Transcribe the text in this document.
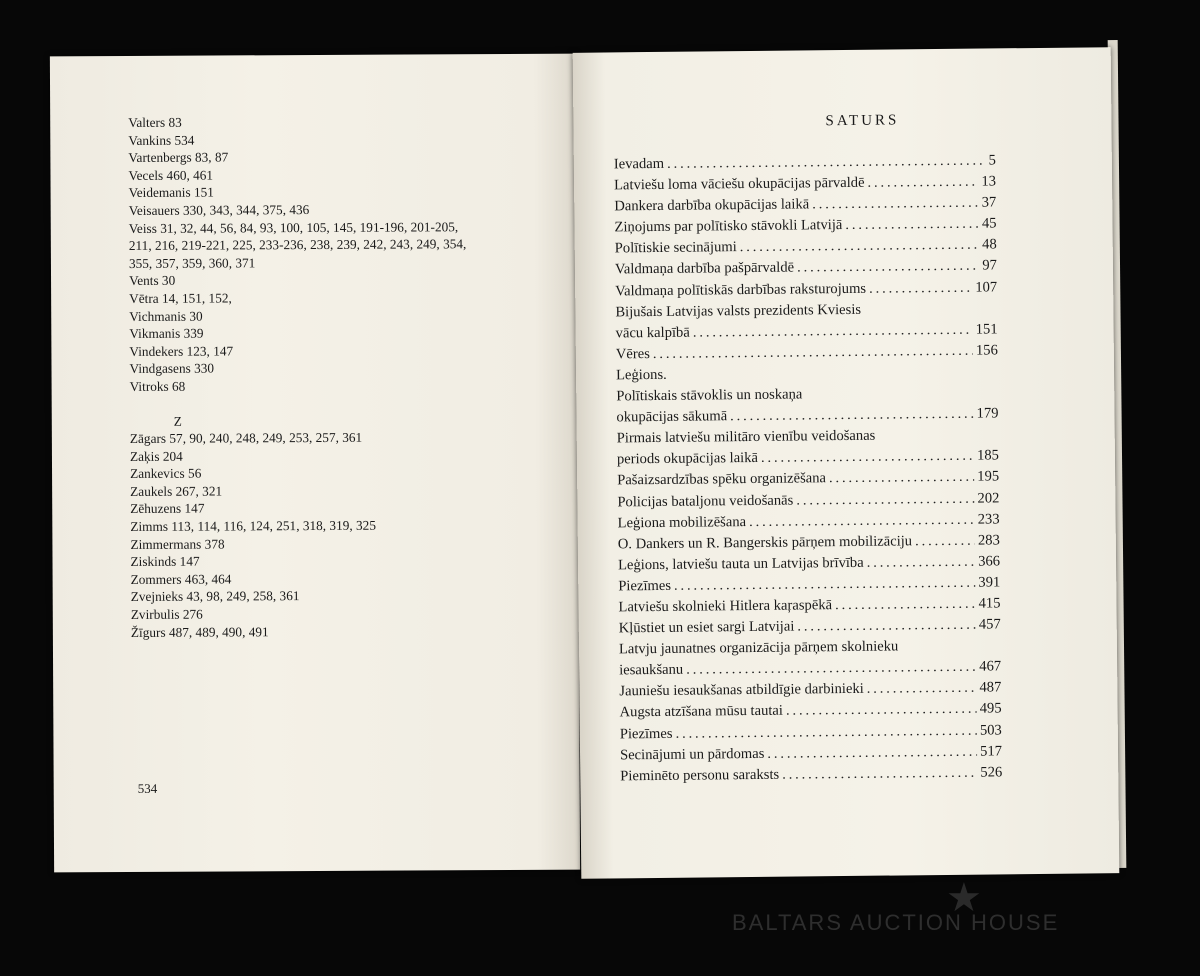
Valters 83
Vankins 534
Vartenbergs 83, 87
Vecels 460, 461
Veidemanis 151
Veisauers 330, 343, 344, 375, 436
Veiss 31, 32, 44, 56, 84, 93, 100, 105, 145, 191-196, 201-205,
211, 216, 219-221, 225, 233-236, 238, 239, 242, 243, 249, 354,
355, 357, 359, 360, 371
Vents 30
Vētra 14, 151, 152,
Vichmanis 30
Vikmanis 339
Vindekers 123, 147
Vindgasens 330
Vitroks 68
Z
Zāgars 57, 90, 240, 248, 249, 253, 257, 361
Zaķis 204
Zankevics 56
Zaukels 267, 321
Zēhuzens 147
Zimms 113, 114, 116, 124, 251, 318, 319, 325
Zimmermans 378
Ziskinds 147
Zommers 463, 464
Zvejnieks 43, 98, 249, 258, 361
Zvirbulis 276
Žīgurs 487, 489, 490, 491
534
SATURS
Ievadam . . .	5
Latviešu loma vāciešu okupācijas pārvaldē . . .	13
Dankera darbība okupācijas laikā . . .	37
Ziņojums par polītisko stāvokli Latvijā . . .	45
Polītiskie secinājumi . . .	48
Valdmaņa darbība pašpārvaldē . . .	97
Valdmaņa polītiskās darbības raksturojums . . .	107
Bijušais Latvijas valsts prezidents Kviesis
vācu kalpībā . . .	151
Vēres . . .	156
Leģions.
Polītiskais stāvoklis un noskaņa
okupācijas sākumā . . .	179
Pirmais latviešu militāro vienību veidošanas
periods okupācijas laikā . . .	185
Pašaizsardzības spēku organizēšana . . .	195
Policijas bataljonu veidošanās . . .	202
Leģiona mobilizēšana . . .	233
O. Dankers un R. Bangerskis pārņem mobilizāciju . . .	283
Leģions, latviešu tauta un Latvijas brīvība . . .	366
Piezīmes . . .	391
Latviešu skolnieki Hitlera kaŗaspēkā . . .	415
Kļūstiet un esiet sargi Latvijai . . .	457
Latvju jaunatnes organizācija pārņem skolnieku
iesaukšanu . . .	467
Jauniešu iesaukšanas atbildīgie darbinieki . . .	487
Augsta atzīšana mūsu tautai . . .	495
Piezīmes . . .	503
Secinājumi un pārdomas . . .	517
Pieminēto personu saraksts . . .	526
★
BALTARS AUCTION HOUSE
